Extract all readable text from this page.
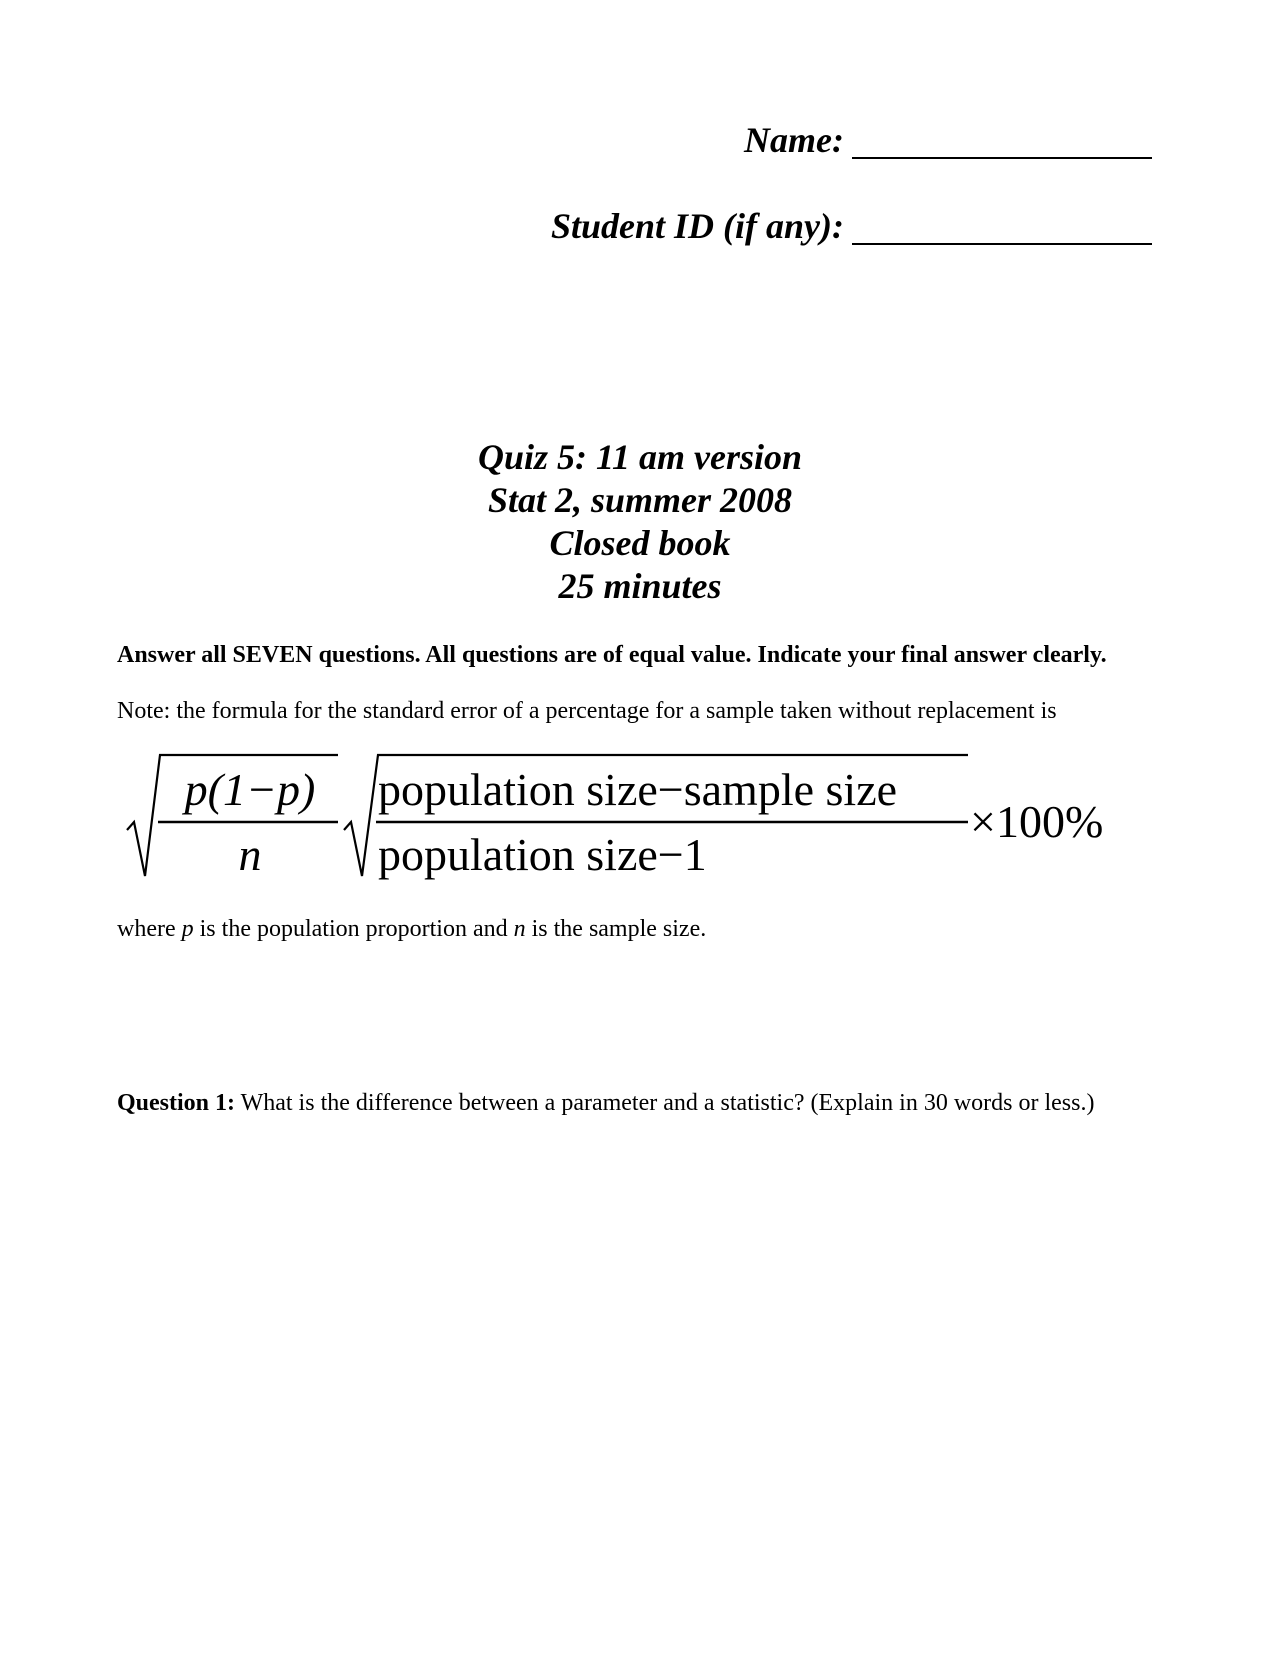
Name:
Student ID (if any):
Quiz 5: 11 am version
Stat 2, summer 2008
Closed book
25 minutes
Answer all SEVEN questions. All questions are of equal value. Indicate your final answer clearly.
Note: the formula for the standard error of a percentage for a sample taken without replacement is
p(1−p)
n
population size−sample size
population size−1
×100%
where p is the population proportion and n is the sample size.
Question 1: What is the difference between a parameter and a statistic? (Explain in 30 words or less.)
